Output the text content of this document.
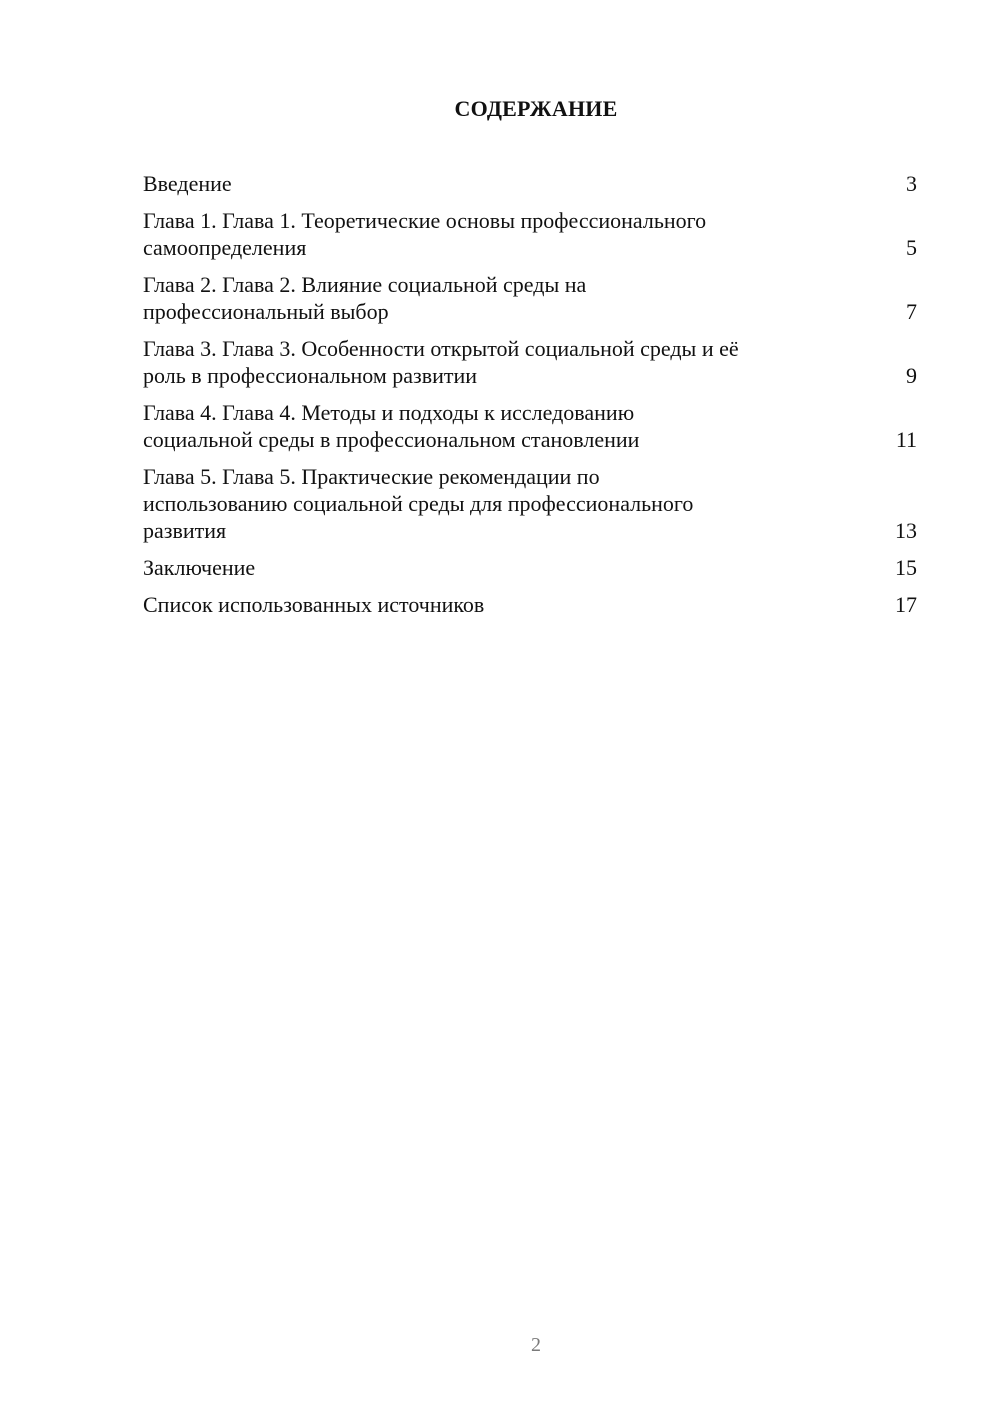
СОДЕРЖАНИЕ
Введение	3
Глава 1. Глава 1. Теоретические основы профессионального
самоопределения	5
Глава 2. Глава 2. Влияние социальной среды на
профессиональный выбор	7
Глава 3. Глава 3. Особенности открытой социальной среды и её
роль в профессиональном развитии	9
Глава 4. Глава 4. Методы и подходы к исследованию
социальной среды в профессиональном становлении	11
Глава 5. Глава 5. Практические рекомендации по
использованию социальной среды для профессионального
развития	13
Заключение	15
Список использованных источников	17
2
